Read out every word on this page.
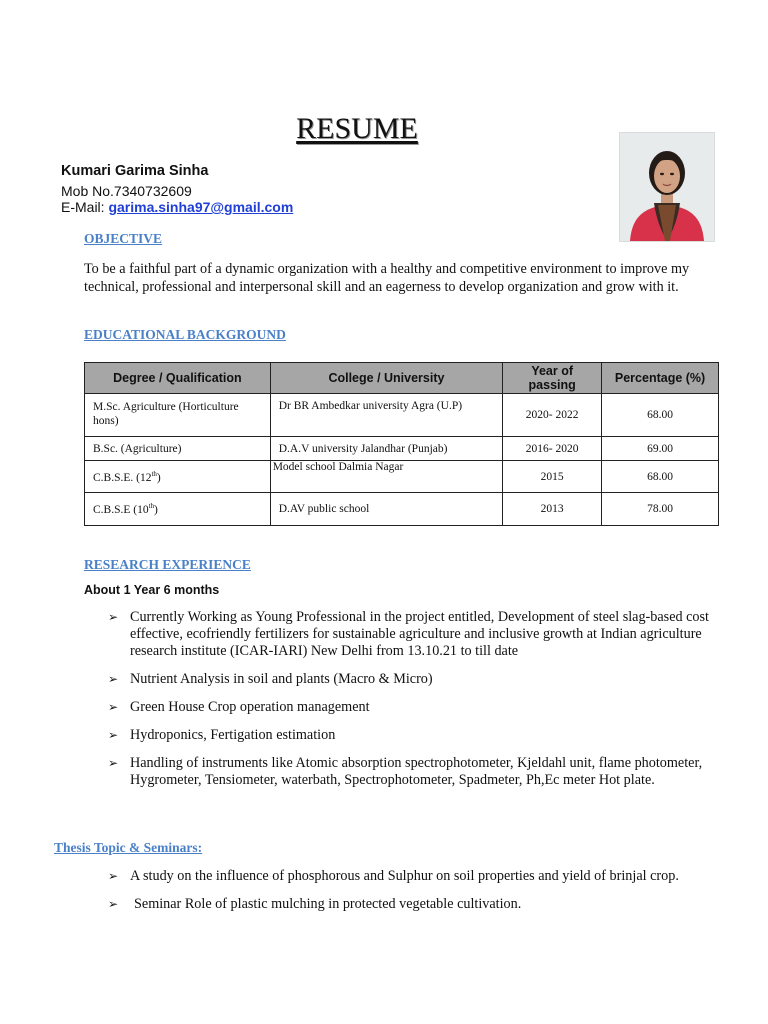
RESUME
Kumari Garima Sinha
Mob No.7340732609
E-Mail: garima.sinha97@gmail.com
OBJECTIVE
To be a faithful part of a dynamic organization with a healthy and competitive environment to improve my technical, professional and interpersonal skill and an eagerness to develop organization and grow with it.
EDUCATIONAL BACKGROUND
Degree / Qualification	College / University	Year of passing	Percentage (%)
M.Sc. Agriculture (Horticulture hons)	Dr BR Ambedkar university Agra (U.P)	2020- 2022	68.00
B.Sc. (Agriculture)	D.A.V university Jalandhar (Punjab)	2016- 2020	69.00
C.B.S.E. (12th)	Model school Dalmia Nagar	2015	68.00
C.B.S.E (10th)	D.AV public school	2013	78.00
RESEARCH EXPERIENCE
About 1 Year 6 months
➢ Currently Working as Young Professional in the project entitled, Development of steel slag-based cost effective, ecofriendly fertilizers for sustainable agriculture and inclusive growth at Indian agriculture research institute (ICAR-IARI) New Delhi from 13.10.21 to till date
➢ Nutrient Analysis in soil and plants (Macro & Micro)
➢ Green House Crop operation management
➢ Hydroponics, Fertigation estimation
➢ Handling of instruments like Atomic absorption spectrophotometer, Kjeldahl unit, flame photometer, Hygrometer, Tensiometer, waterbath, Spectrophotometer, Spadmeter, Ph,Ec meter Hot plate.
Thesis Topic & Seminars:
➢ A study on the influence of phosphorous and Sulphur on soil properties and yield of brinjal crop.
➢ Seminar Role of plastic mulching in protected vegetable cultivation.
